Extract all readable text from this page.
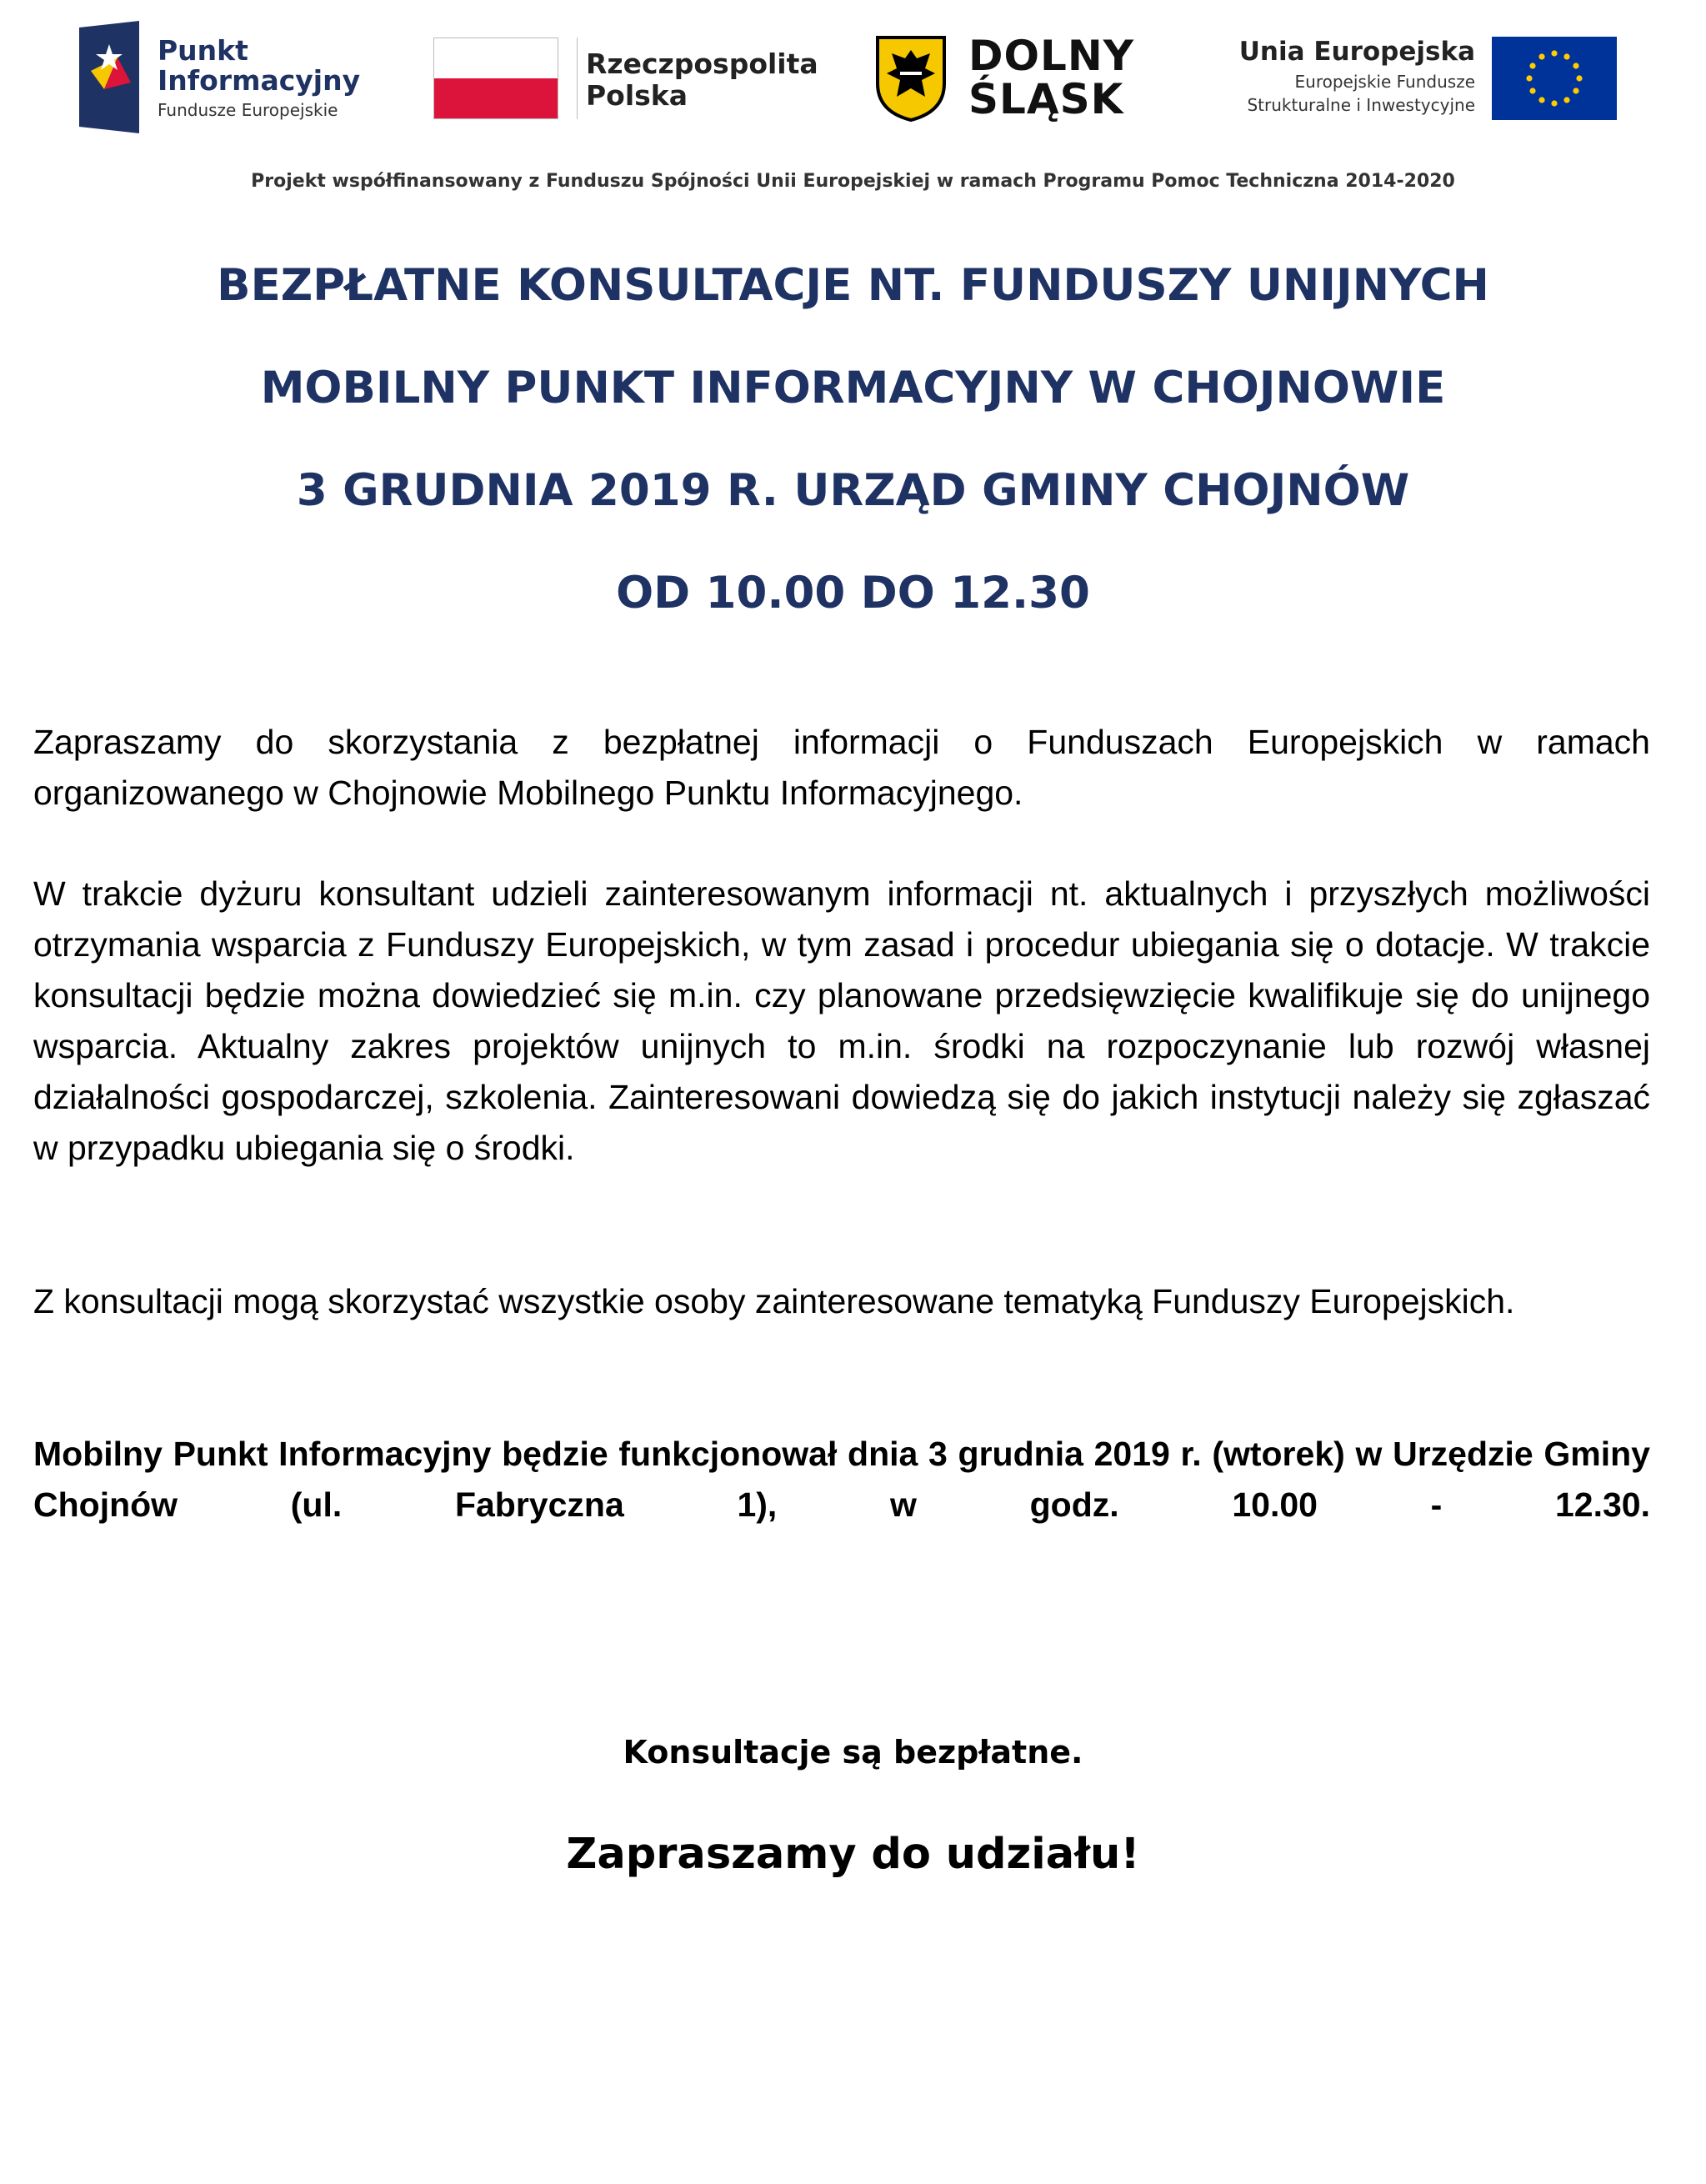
Punkt
Informacyjny
Fundusze Europejskie
Rzeczpospolita
Polska
DOLNY
ŚLĄSK
Unia Europejska
Europejskie Fundusze
Strukturalne i Inwestycyjne
Projekt współfinansowany z Funduszu Spójności Unii Europejskiej w ramach Programu Pomoc Techniczna 2014-2020
BEZPŁATNE KONSULTACJE NT. FUNDUSZY UNIJNYCH
MOBILNY PUNKT INFORMACYJNY W CHOJNOWIE
3 GRUDNIA 2019 R. URZĄD GMINY CHOJNÓW
OD 10.00 DO 12.30
Zapraszamy do skorzystania z bezpłatnej informacji o Funduszach Europejskich w ramach organizowanego w Chojnowie Mobilnego Punktu Informacyjnego.
W trakcie dyżuru konsultant udzieli zainteresowanym informacji nt. aktualnych i przyszłych możliwości otrzymania wsparcia z Funduszy Europejskich, w tym zasad i procedur ubiegania się o dotacje. W trakcie konsultacji będzie można dowiedzieć się m.in. czy planowane przedsięwzięcie kwalifikuje się do unijnego wsparcia. Aktualny zakres projektów unijnych to m.in. środki na rozpoczynanie lub rozwój własnej działalności gospodarczej, szkolenia. Zainteresowani dowiedzą się do jakich instytucji należy się zgłaszać w przypadku ubiegania się o środki.
Z konsultacji mogą skorzystać wszystkie osoby zainteresowane tematyką Funduszy Europejskich.
Mobilny Punkt Informacyjny będzie funkcjonował dnia 3 grudnia 2019 r. (wtorek) w Urzędzie Gminy Chojnów (ul. Fabryczna 1), w godz. 10.00 - 12.30.
Konsultacje są bezpłatne.
Zapraszamy do udziału!
